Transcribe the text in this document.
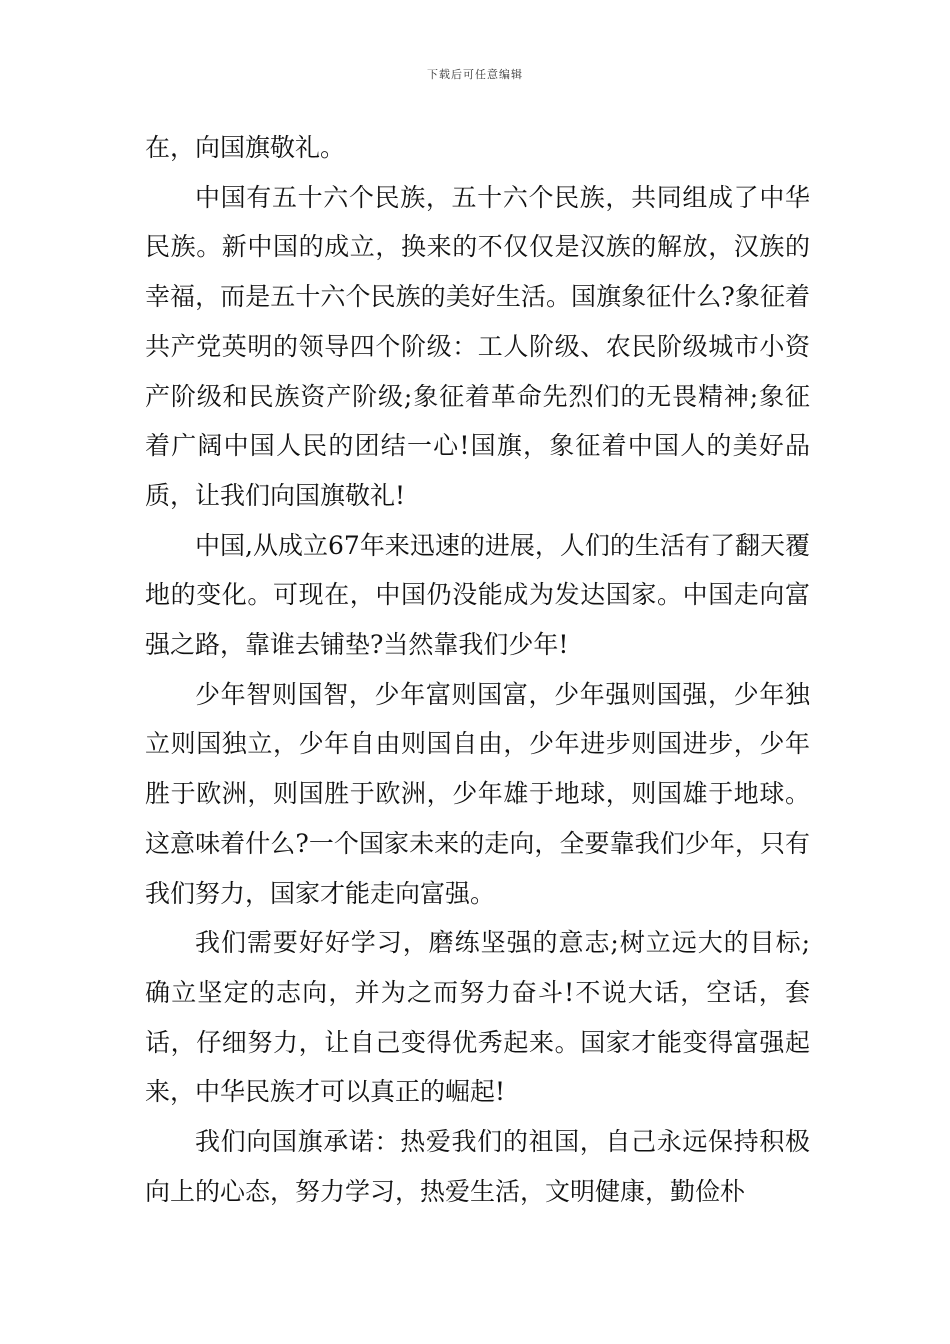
下载后可任意编辑

在，向国旗敬礼。

中国有五十六个民族，五十六个民族，共同组成了中华民族。新中国的成立，换来的不仅仅是汉族的解放，汉族的幸福，而是五十六个民族的美好生活。国旗象征什么?象征着共产党英明的领导四个阶级：工人阶级、农民阶级城市小资产阶级和民族资产阶级;象征着革命先烈们的无畏精神;象征着广阔中国人民的团结一心!国旗，象征着中国人的美好品质，让我们向国旗敬礼!

中国,从成立67年来迅速的进展，人们的生活有了翻天覆地的变化。可现在，中国仍没能成为发达国家。中国走向富强之路，靠谁去铺垫?当然靠我们少年!

少年智则国智，少年富则国富，少年强则国强，少年独立则国独立，少年自由则国自由，少年进步则国进步，少年胜于欧洲，则国胜于欧洲，少年雄于地球，则国雄于地球。这意味着什么?一个国家未来的走向，全要靠我们少年，只有我们努力，国家才能走向富强。

我们需要好好学习，磨练坚强的意志;树立远大的目标;确立坚定的志向，并为之而努力奋斗!不说大话，空话，套话，仔细努力，让自己变得优秀起来。国家才能变得富强起来，中华民族才可以真正的崛起!

我们向国旗承诺：热爱我们的祖国，自己永远保持积极向上的心态，努力学习，热爱生活，文明健康，勤俭朴
